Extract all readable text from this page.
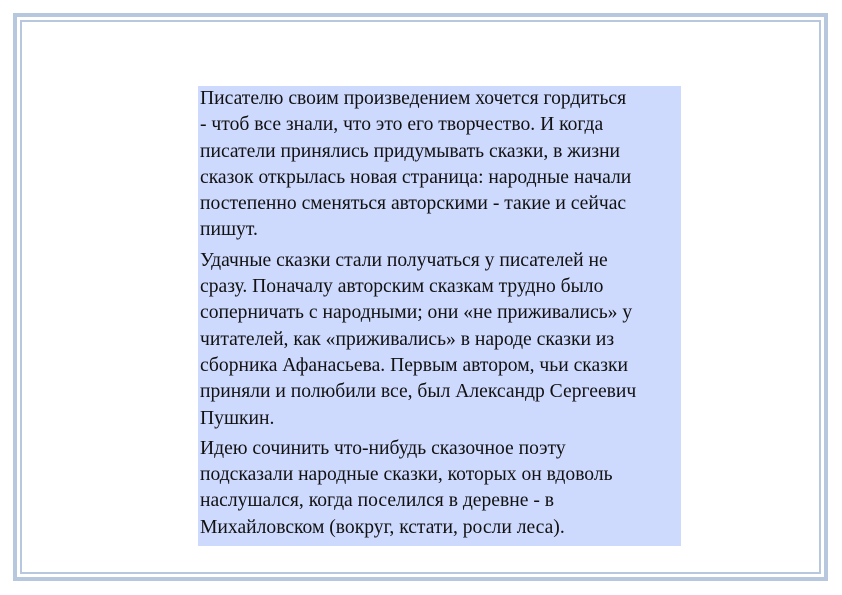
Писателю своим произведением хочется гордиться
- чтоб все знали, что это его творчество. И когда
писатели принялись придумывать сказки, в жизни
сказок открылась новая страница: народные начали
постепенно сменяться авторскими - такие и сейчас
пишут.

Удачные сказки стали получаться у писателей не
сразу. Поначалу авторским сказкам трудно было
соперничать с народными; они «не приживались» у
читателей, как «приживались» в народе сказки из
сборника Афанасьева. Первым автором, чьи сказки
приняли и полюбили все, был Александр Сергеевич
Пушкин.

Идею сочинить что-нибудь сказочное поэту
подсказали народные сказки, которых он вдоволь
наслушался, когда поселился в деревне - в
Михайловском (вокруг, кстати, росли леса).
